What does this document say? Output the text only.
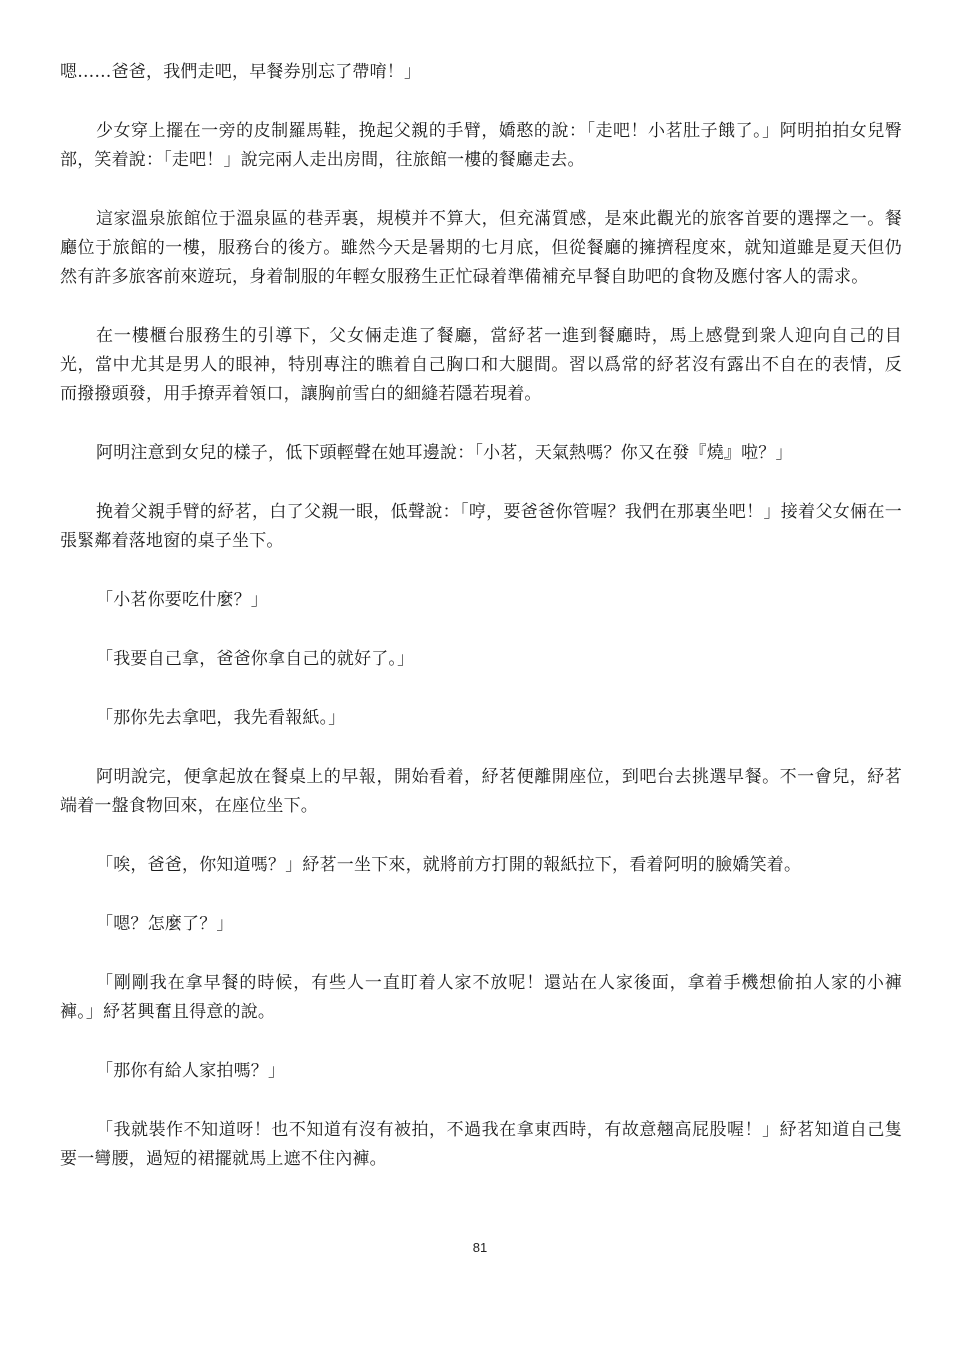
嗯……爸爸，我們走吧，早餐券別忘了帶唷！」

少女穿上擺在一旁的皮制羅馬鞋，挽起父親的手臂，嬌憨的說：「走吧！小茗肚子餓了。」阿明拍拍女兒臀部，笑着說：「走吧！」說完兩人走出房間，往旅館一樓的餐廳走去。

這家溫泉旅館位于溫泉區的巷弄裏，規模并不算大，但充滿質感，是來此觀光的旅客首要的選擇之一。餐廳位于旅館的一樓，服務台的後方。雖然今天是暑期的七月底，但從餐廳的擁擠程度來，就知道雖是夏天但仍然有許多旅客前來遊玩，身着制服的年輕女服務生正忙碌着準備補充早餐自助吧的食物及應付客人的需求。

在一樓櫃台服務生的引導下，父女倆走進了餐廳，當紓茗一進到餐廳時，馬上感覺到衆人迎向自己的目光，當中尤其是男人的眼神，特別專注的瞧着自己胸口和大腿間。習以爲常的紓茗沒有露出不自在的表情，反而撥撥頭發，用手撩弄着領口，讓胸前雪白的細縫若隱若現着。

阿明注意到女兒的樣子，低下頭輕聲在她耳邊說：「小茗，天氣熱嗎？你又在發『燒』啦？」

挽着父親手臂的紓茗，白了父親一眼，低聲說：「哼，要爸爸你管喔？我們在那裏坐吧！」接着父女倆在一張緊鄰着落地窗的桌子坐下。

「小茗你要吃什麼？」

「我要自己拿，爸爸你拿自己的就好了。」

「那你先去拿吧，我先看報紙。」

阿明說完，便拿起放在餐桌上的早報，開始看着，紓茗便離開座位，到吧台去挑選早餐。不一會兒，紓茗端着一盤食物回來，在座位坐下。

「唉，爸爸，你知道嗎？」紓茗一坐下來，就將前方打開的報紙拉下，看着阿明的臉嬌笑着。

「嗯？怎麼了？」

「剛剛我在拿早餐的時候，有些人一直盯着人家不放呢！還站在人家後面，拿着手機想偷拍人家的小褲褲。」紓茗興奮且得意的說。

「那你有給人家拍嗎？」

「我就裝作不知道呀！也不知道有沒有被拍，不過我在拿東西時，有故意翹高屁股喔！」紓茗知道自己隻要一彎腰，過短的裙擺就馬上遮不住內褲。

81
